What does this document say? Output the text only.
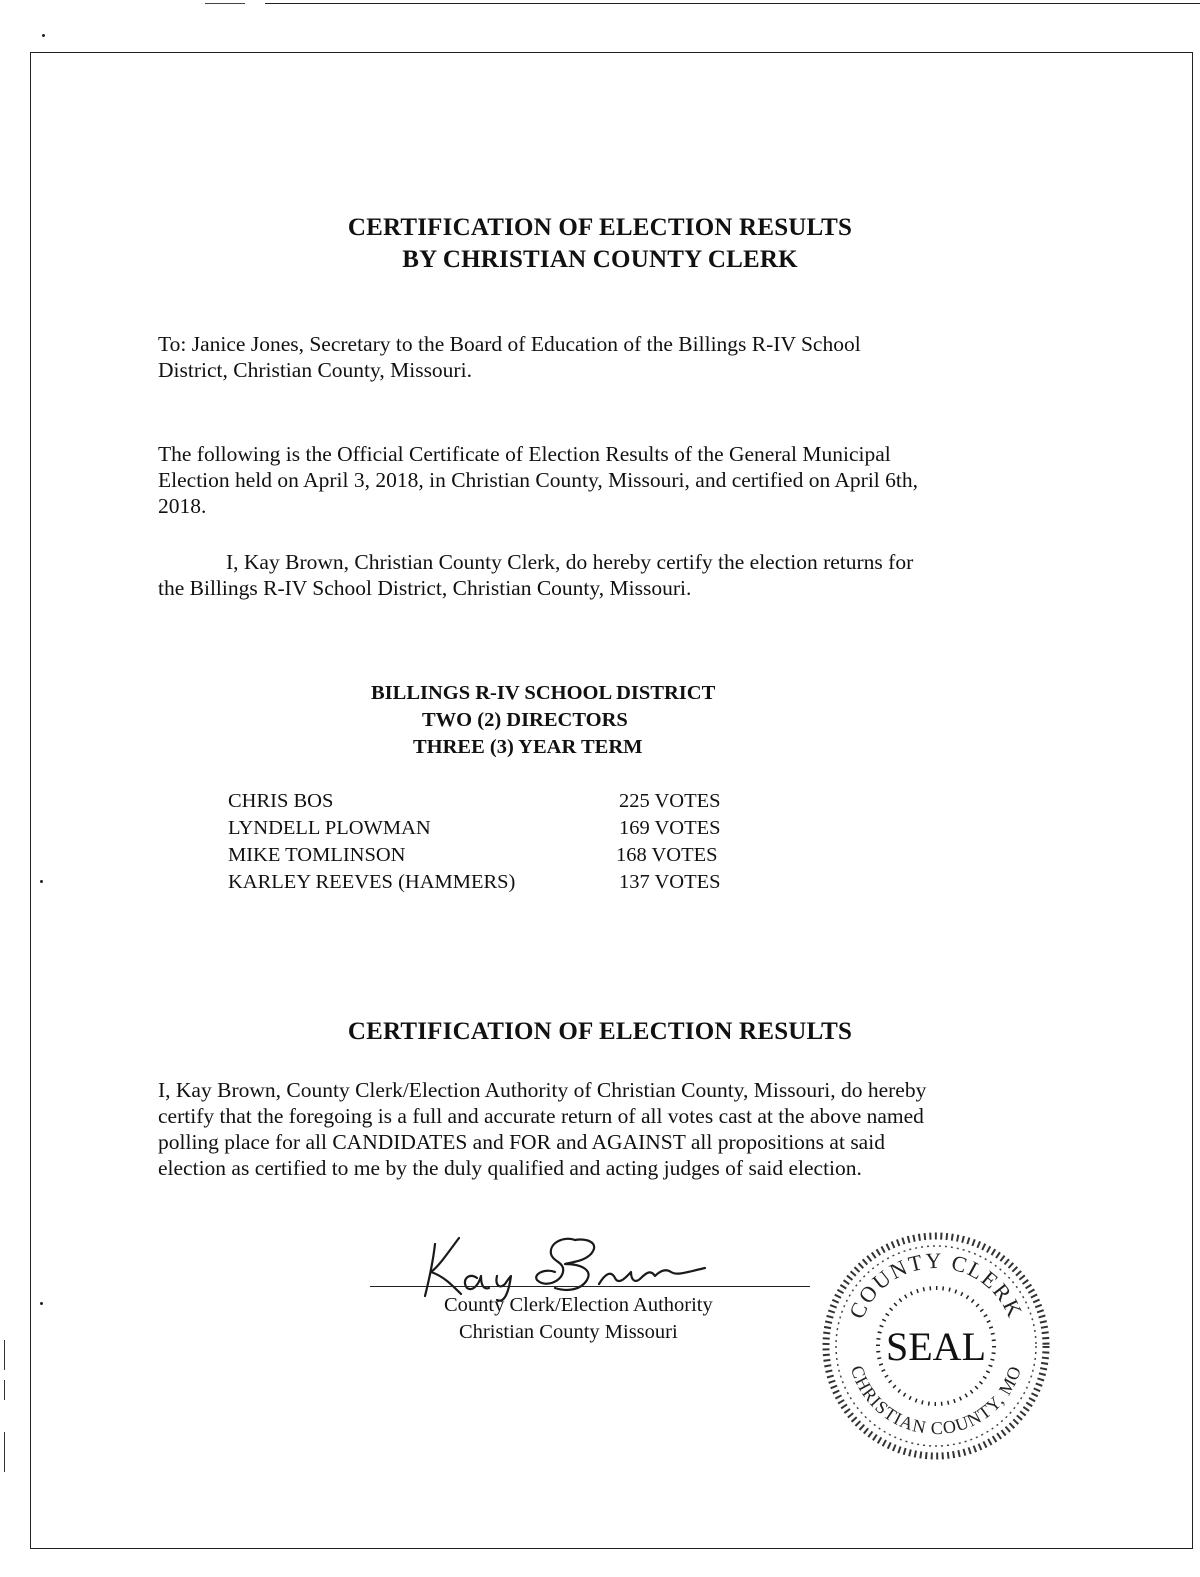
CERTIFICATION OF ELECTION RESULTS
BY CHRISTIAN COUNTY CLERK
To: Janice Jones, Secretary to the Board of Education of the Billings R-IV School
District, Christian County, Missouri.
The following is the Official Certificate of Election Results of the General Municipal
Election held on April 3, 2018, in Christian County, Missouri, and certified on April 6th,
2018.
I, Kay Brown, Christian County Clerk, do hereby certify the election returns for
the Billings R-IV School District, Christian County, Missouri.
BILLINGS R-IV SCHOOL DISTRICT
TWO (2) DIRECTORS
THREE (3) YEAR TERM
CHRIS BOS	225 VOTES
LYNDELL PLOWMAN	169 VOTES
MIKE TOMLINSON	168 VOTES
KARLEY REEVES (HAMMERS)	137 VOTES
CERTIFICATION OF ELECTION RESULTS
I, Kay Brown, County Clerk/Election Authority of Christian County, Missouri, do hereby
certify that the foregoing is a full and accurate return of all votes cast at the above named
polling place for all CANDIDATES and FOR and AGAINST all propositions at said
election as certified to me by the duly qualified and acting judges of said election.
County Clerk/Election Authority
Christian County Missouri
COUNTY CLERK
CHRISTIAN COUNTY, MO
SEAL
